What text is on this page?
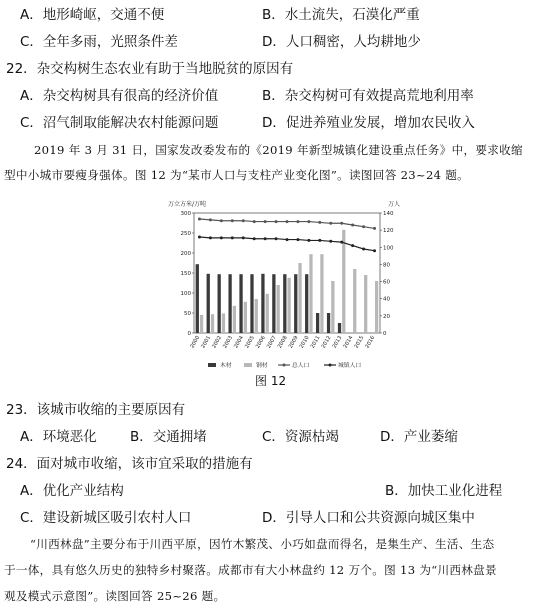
A．地形崎岖，交通不便	B．水土流失，石漠化严重
C．全年多雨，光照条件差	D．人口稠密，人均耕地少
22．杂交构树生态农业有助于当地脱贫的原因有
A．杂交构树具有很高的经济价值	B．杂交构树可有效提高荒地利用率
C．沼气制取能解决农村能源问题	D．促进养殖业发展，增加农民收入
2019 年 3 月 31 日，国家发改委发布的《2019 年新型城镇化建设重点任务》中，要求收缩
型中小城市要瘦身强体。图 12 为“某市人口与支柱产业变化图”。读图回答 23~24 题。
万立方米/万吨	万人
300
250
200
150
100
50
0
140
120
100
80
60
40
20
0
2000 2001 2002 2003 2004 2005 2006 2007 2008 2009 2010 2011 2012 2013 2014 2015 2016
木材	钢材	总人口	城镇人口
图 12
23．该城市收缩的主要原因有
A．环境恶化 B．交通拥堵	C．资源枯竭	D．产业萎缩
24．面对城市收缩，该市宜采取的措施有
A．优化产业结构	B．加快工业化进程
C．建设新城区吸引农村人口	D．引导人口和公共资源向城区集中
“川西林盘”主要分布于川西平原，因竹木繁茂、小巧如盘而得名，是集生产、生活、生态
于一体，具有悠久历史的独特乡村聚落。成都市有大小林盘约 12 万个。图 13 为“川西林盘景
观及模式示意图”。读图回答 25~26 题。
